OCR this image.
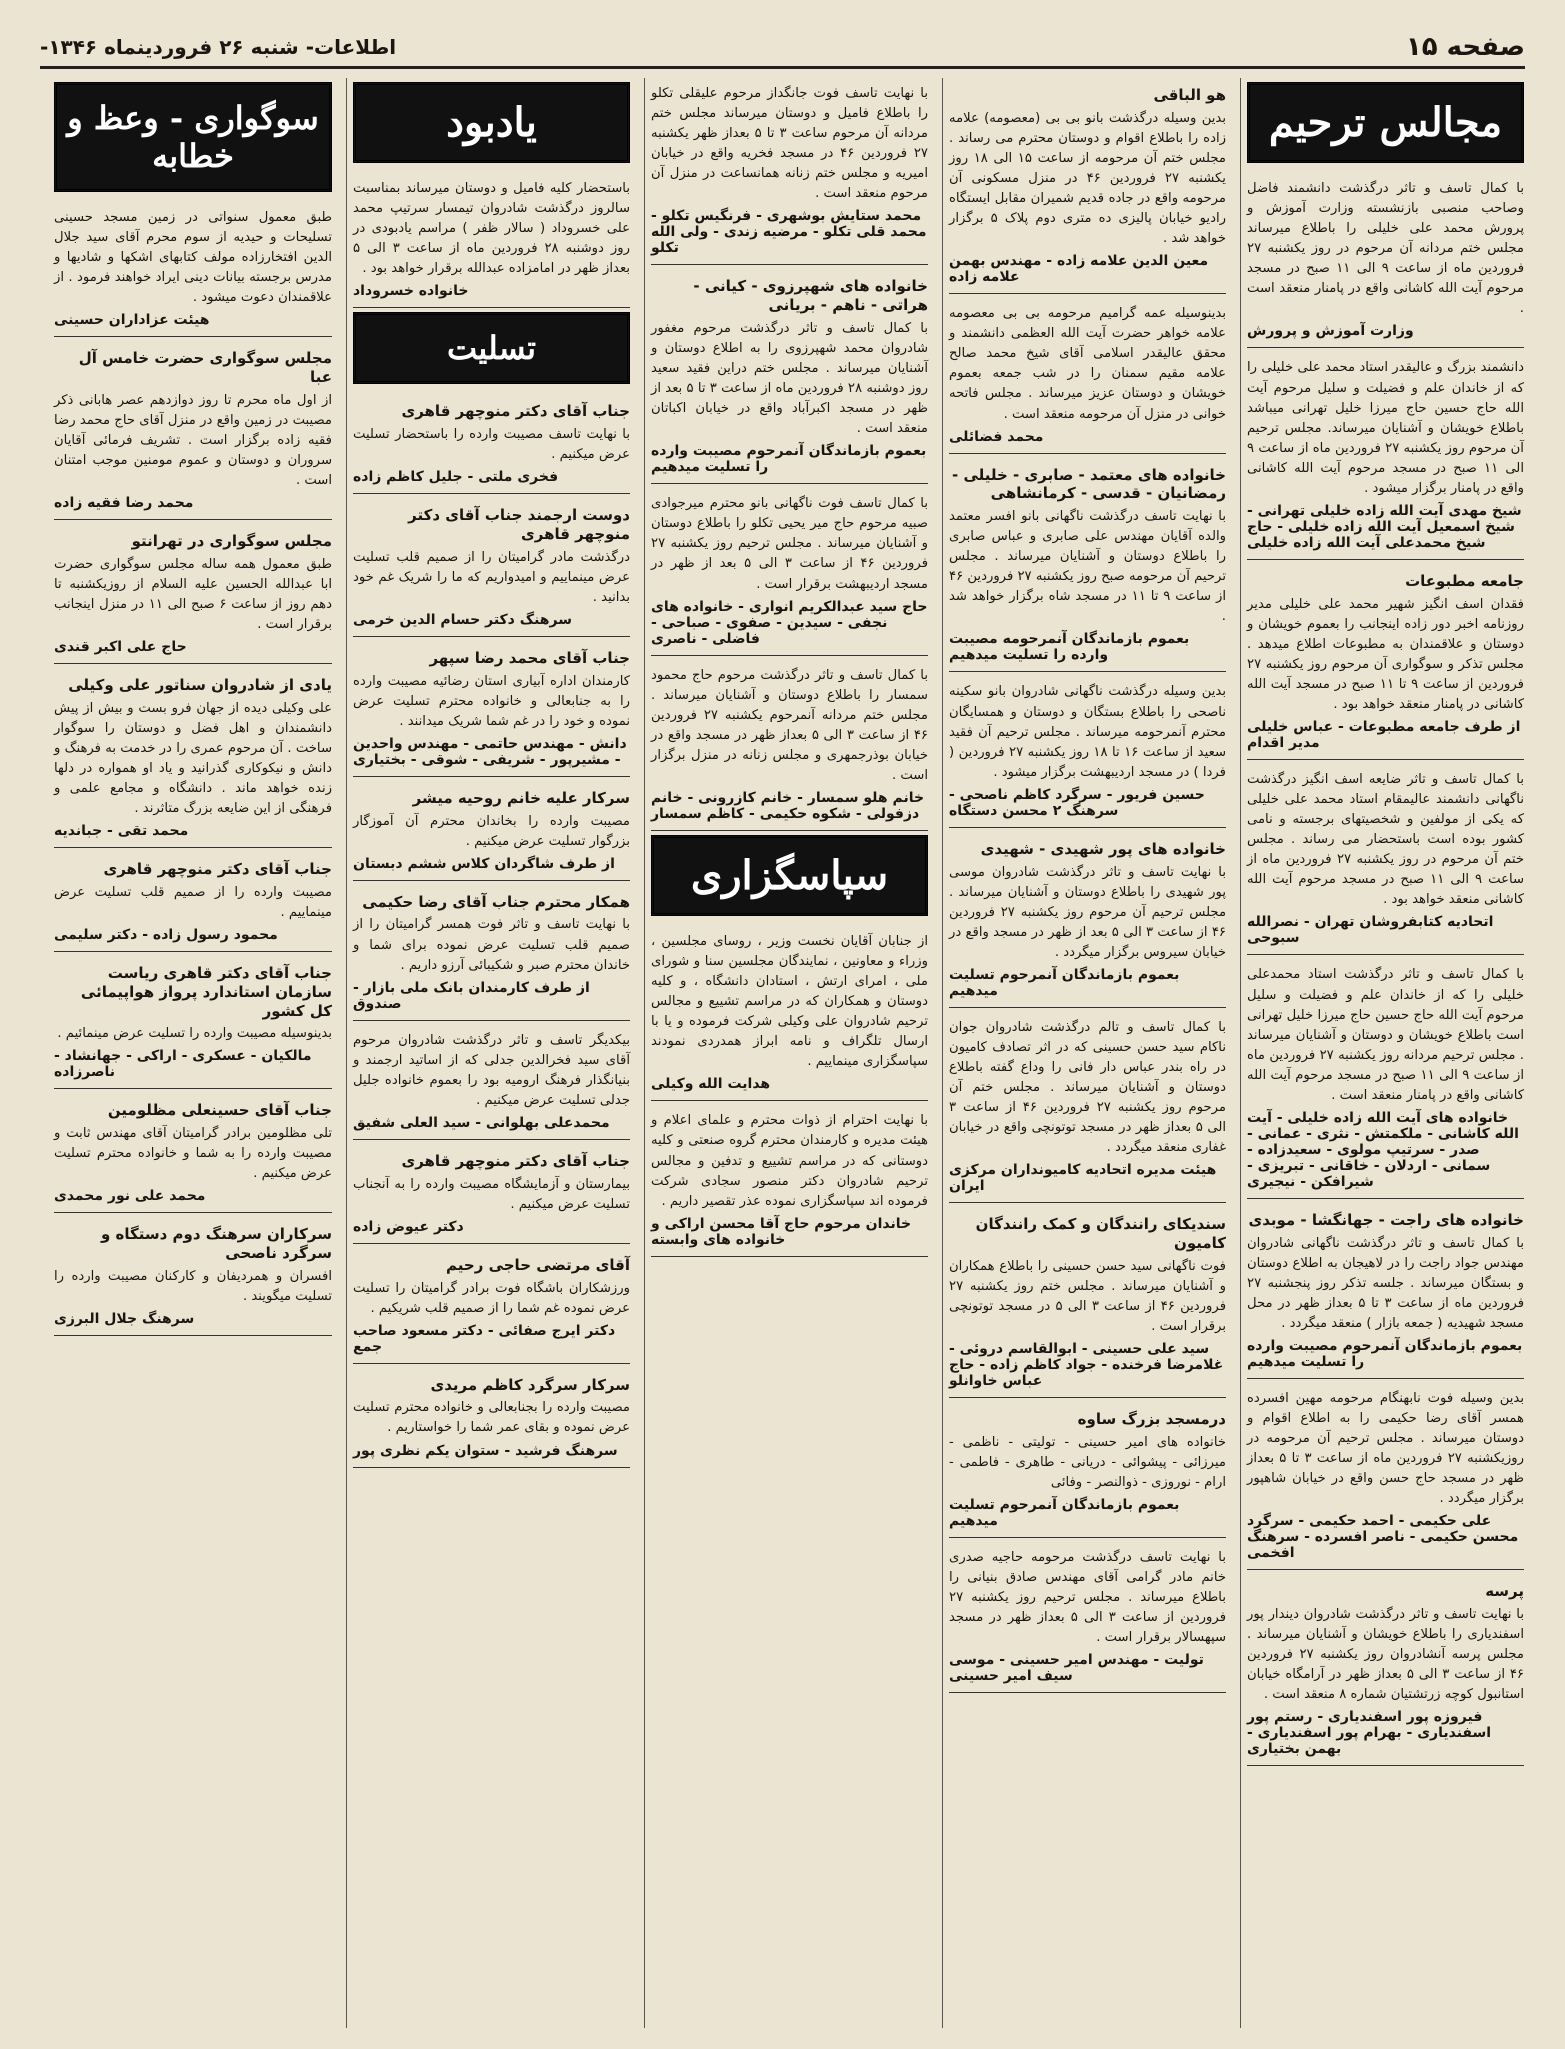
صفحه ۱۵
اطلاعات- شنبه ۲۶ فروردینماه ۱۳۴۶-
مجالس ترحیم

با کمال تاسف و تاثر درگذشت دانشمند فاضل وصاحب منصبی بازنشسته وزارت آموزش و پرورش محمد علی خلیلی را باطلاع میرساند مجلس ختم مردانه آن مرحوم در روز یکشنبه ۲۷ فروردین ماه از ساعت ۹ الی ۱۱ صبح در مسجد مرحوم آیت الله کاشانی واقع در پامنار منعقد است .

وزارت آموزش و پرورش

دانشمند بزرگ و عالیقدر استاد محمد علی خلیلی را که از خاندان علم و فضیلت و سلیل مرحوم آیت الله حاج حسین حاج میرزا خلیل تهرانی میباشد باطلاع خویشان و آشنایان میرساند. مجلس ترحیم آن مرحوم روز یکشنبه ۲۷ فروردین ماه از ساعت ۹ الی ۱۱ صبح در مسجد مرحوم آیت الله کاشانی واقع در پامنار برگزار میشود .

شیخ مهدی آیت الله زاده خلیلی تهرانی - شیخ اسمعیل آیت الله زاده خلیلی - حاج شیخ محمدعلی آیت الله زاده خلیلی
جامعه مطبوعات

فقدان اسف انگیز شهیر محمد علی خلیلی مدیر روزنامه اخبر دور زاده اینجانب را بعموم خویشان و دوستان و علاقمندان به مطبوعات اطلاع میدهد . مجلس تذکر و سوگواری آن مرحوم روز یکشنبه ۲۷ فروردین از ساعت ۹ تا ۱۱ صبح در مسجد آیت الله کاشانی در پامنار منعقد خواهد بود .

از طرف جامعه مطبوعات - عباس خلیلی مدیر اقدام

با کمال تاسف و تاثر ضایعه اسف انگیز درگذشت ناگهانی دانشمند عالیمقام استاد محمد علی خلیلی که یکی از مولفین و شخصیتهای برجسته و نامی کشور بوده است باستحضار می رساند . مجلس ختم آن مرحوم در روز یکشنبه ۲۷ فروردین ماه از ساعت ۹ الی ۱۱ صبح در مسجد مرحوم آیت الله کاشانی منعقد خواهد بود .

اتحادیه کتابفروشان تهران - نصرالله سبوحی

با کمال تاسف و تاثر درگذشت استاد محمدعلی خلیلی را که از خاندان علم و فضیلت و سلیل مرحوم آیت الله حاج حسین حاج میرزا خلیل تهرانی است باطلاع خویشان و دوستان و آشنایان میرساند . مجلس ترحیم مردانه روز یکشنبه ۲۷ فروردین ماه از ساعت ۹ الی ۱۱ صبح در مسجد مرحوم آیت الله کاشانی واقع در پامنار منعقد است .

خانواده های آیت الله زاده خلیلی - آیت الله کاشانی - ملکمتش - نثری - عمانی - صدر - سرتیپ مولوی - سعیدزاده - سمانی - اردلان - خاقانی - تبریزی - شیرافکن - نیجیری
خانواده های راجت - جهانگشا - موبدی

با کمال تاسف و تاثر درگذشت ناگهانی شادروان مهندس جواد راجت را در لاهیجان به اطلاع دوستان و بستگان میرساند . جلسه تذکر روز پنجشنبه ۲۷ فروردین ماه از ساعت ۳ تا ۵ بعداز ظهر در محل مسجد شهیدیه ( جمعه بازار ) منعقد میگردد .

بعموم بازماندگان آنمرحوم مصیبت وارده را تسلیت میدهیم

بدین وسیله فوت نابهنگام مرحومه مهین افسرده همسر آقای رضا حکیمی را به اطلاع اقوام و دوستان میرساند . مجلس ترحیم آن مرحومه در روزیکشنبه ۲۷ فروردین ماه از ساعت ۳ تا ۵ بعداز ظهر در مسجد حاج حسن واقع در خیابان شاهپور برگزار میگردد .

علی حکیمی - احمد حکیمی - سرگرد محسن حکیمی - ناصر افسرده - سرهنگ افخمی
پرسه

با نهایت تاسف و تاثر درگذشت شادروان دیندار پور اسفندیاری را باطلاع خویشان و آشنایان میرساند . مجلس پرسه آنشادروان روز یکشنبه ۲۷ فروردین ۴۶ از ساعت ۳ الی ۵ بعداز ظهر در آرامگاه خیابان استانبول کوچه زرتشتیان شماره ۸ منعقد است .

فیروزه پور اسفندیاری - رستم پور اسفندیاری - بهرام پور اسفندیاری - بهمن بختیاری
هو الباقی

بدین وسیله درگذشت بانو بی بی (معصومه) علامه زاده را باطلاع اقوام و دوستان محترم می رساند . مجلس ختم آن مرحومه از ساعت ۱۵ الی ۱۸ روز یکشنبه ۲۷ فروردین ۴۶ در منزل مسکونی آن مرحومه واقع در جاده قدیم شمیران مقابل ایستگاه رادیو خیابان پالیزی ده متری دوم پلاک ۵ برگزار خواهد شد .

معین الدین علامه زاده - مهندس بهمن علامه زاده

بدینوسیله عمه گرامیم مرحومه بی بی معصومه علامه خواهر حضرت آیت الله العظمی دانشمند و محقق عالیقدر اسلامی آقای شیخ محمد صالح علامه مقیم سمنان را در شب جمعه بعموم خویشان و دوستان عزیز میرساند . مجلس فاتحه خوانی در منزل آن مرحومه منعقد است .

محمد فضائلی
خانواده های معتمد - صابری - خلیلی - رمضانیان - قدسی - کرمانشاهی

با نهایت تاسف درگذشت ناگهانی بانو افسر معتمد والده آقایان مهندس علی صابری و عباس صابری را باطلاع دوستان و آشنایان میرساند . مجلس ترحیم آن مرحومه صبح روز یکشنبه ۲۷ فروردین ۴۶ از ساعت ۹ تا ۱۱ در مسجد شاه برگزار خواهد شد .

بعموم بازماندگان آنمرحومه مصیبت وارده را تسلیت میدهیم

بدین وسیله درگذشت ناگهانی شادروان بانو سکینه ناصحی را باطلاع بستگان و دوستان و همسایگان محترم آنمرحومه میرساند . مجلس ترحیم آن فقید سعید از ساعت ۱۶ تا ۱۸ روز یکشنبه ۲۷ فروردین ( فردا ) در مسجد اردیبهشت برگزار میشود .

حسین فریور - سرگرد کاظم ناصحی - سرهنگ ۲ محسن دستگاه
خانواده های پور شهیدی - شهیدی

با نهایت تاسف و تاثر درگذشت شادروان موسی پور شهیدی را باطلاع دوستان و آشنایان میرساند . مجلس ترحیم آن مرحوم روز یکشنبه ۲۷ فروردین ۴۶ از ساعت ۳ الی ۵ بعد از ظهر در مسجد واقع در خیابان سیروس برگزار میگردد .

بعموم بازماندگان آنمرحوم تسلیت میدهیم

با کمال تاسف و تالم درگذشت شادروان جوان ناکام سید حسن حسینی که در اثر تصادف کامیون در راه بندر عباس دار فانی را وداع گفته باطلاع دوستان و آشنایان میرساند . مجلس ختم آن مرحوم روز یکشنبه ۲۷ فروردین ۴۶ از ساعت ۳ الی ۵ بعداز ظهر در مسجد توتونچی واقع در خیابان غفاری منعقد میگردد .

هیئت مدیره اتحادیه کامیونداران مرکزی ایران
سندیکای رانندگان و کمک رانندگان کامیون

فوت ناگهانی سید حسن حسینی را باطلاع همکاران و آشنایان میرساند . مجلس ختم روز یکشنبه ۲۷ فروردین ۴۶ از ساعت ۳ الی ۵ در مسجد توتونچی برقرار است .

سید علی حسینی - ابوالقاسم دروئی - غلامرضا فرخنده - جواد کاظم زاده - حاج عباس خاوانلو
درمسجد بزرگ ساوه

خانواده های امیر حسینی - تولیتی - ناظمی - میرزائی - پیشوائی - دریانی - طاهری - فاطمی - ارام - نوروزی - ذوالنصر - وفائی

بعموم بازماندگان آنمرحوم تسلیت میدهیم

با نهایت تاسف درگذشت مرحومه حاجیه صدری خانم مادر گرامی آقای مهندس صادق بنیانی را باطلاع میرساند . مجلس ترحیم روز یکشنبه ۲۷ فروردین از ساعت ۳ الی ۵ بعداز ظهر در مسجد سپهسالار برقرار است .

تولیت - مهندس امیر حسینی - موسی سیف امیر حسینی

با نهایت تاسف فوت جانگداز مرحوم علیقلی تکلو را باطلاع فامیل و دوستان میرساند مجلس ختم مردانه آن مرحوم ساعت ۳ تا ۵ بعداز ظهر یکشنبه ۲۷ فروردین ۴۶ در مسجد فخریه واقع در خیابان امیریه و مجلس ختم زنانه همانساعت در منزل آن مرحوم منعقد است .

محمد ستایش بوشهری - فرنگیس تکلو - محمد قلی تکلو - مرضیه زندی - ولی الله تکلو
خانواده های شهپرزوی - کیانی - هراتی - ناهم - بریانی

با کمال تاسف و تاثر درگذشت مرحوم مغفور شادروان محمد شهپرزوی را به اطلاع دوستان و آشنایان میرساند . مجلس ختم دراین فقید سعید روز دوشنبه ۲۸ فروردین ماه از ساعت ۳ تا ۵ بعد از ظهر در مسجد اکبرآباد واقع در خیابان اکباتان منعقد است .

بعموم بازماندگان آنمرحوم مصیبت وارده را تسلیت میدهیم

با کمال تاسف فوت ناگهانی بانو محترم میرجوادی صبیه مرحوم حاج میر یحیی تکلو را باطلاع دوستان و آشنایان میرساند . مجلس ترحیم روز یکشنبه ۲۷ فروردین ۴۶ از ساعت ۳ الی ۵ بعد از ظهر در مسجد اردیبهشت برقرار است .

حاج سید عبدالکریم انواری - خانواده های نجفی - سیدین - صفوی - صباحی - فاضلی - ناصری

با کمال تاسف و تاثر درگذشت مرحوم حاج محمود سمسار را باطلاع دوستان و آشنایان میرساند . مجلس ختم مردانه آنمرحوم یکشنبه ۲۷ فروردین ۴۶ از ساعت ۳ الی ۵ بعداز ظهر در مسجد واقع در خیابان بوذرجمهری و مجلس زنانه در منزل برگزار است .

خانم هلو سمسار - خانم کازرونی - خانم دزفولی - شکوه حکیمی - کاظم سمسار
سپاسگزاری

از جنابان آقایان نخست وزیر ، روسای مجلسین ، وزراء و معاونین ، نمایندگان مجلسین سنا و شورای ملی ، امرای ارتش ، استادان دانشگاه ، و کلیه دوستان و همکاران که در مراسم تشییع و مجالس ترحیم شادروان علی وکیلی شرکت فرموده و یا با ارسال تلگراف و نامه ابراز همدردی نمودند سپاسگزاری مینماییم .

هدایت الله وکیلی

با نهایت احترام از ذوات محترم و علمای اعلام و هیئت مدیره و کارمندان محترم گروه صنعتی و کلیه دوستانی که در مراسم تشییع و تدفین و مجالس ترحیم شادروان دکتر منصور سجادی شرکت فرموده اند سپاسگزاری نموده عذر تقصیر داریم .

خاندان مرحوم حاج آقا محسن اراکی و خانواده های وابسته
یادبود

باستحضار کلیه فامیل و دوستان میرساند بمناسبت سالروز درگذشت شادروان تیمسار سرتیپ محمد علی خسروداد ( سالار ظفر ) مراسم یادبودی در روز دوشنبه ۲۸ فروردین ماه از ساعت ۳ الی ۵ بعداز ظهر در امامزاده عبدالله برقرار خواهد بود .

خانواده خسروداد
تسلیت
جناب آقای دکتر منوچهر قاهری

با نهایت تاسف مصیبت وارده را باستحضار تسلیت عرض میکنیم .

فخری ملتی - جلیل کاظم زاده
دوست ارجمند جناب آقای دکتر منوچهر قاهری

درگذشت مادر گرامیتان را از صمیم قلب تسلیت عرض مینماییم و امیدواریم که ما را شریک غم خود بدانید .

سرهنگ دکتر حسام الدین خرمی
جناب آقای محمد رضا سپهر

کارمندان اداره آبیاری استان رضائیه مصیبت وارده را به جنابعالی و خانواده محترم تسلیت عرض نموده و خود را در غم شما شریک میدانند .

دانش - مهندس حاتمی - مهندس واحدین - مشیرپور - شریفی - شوقی - بختیاری
سرکار علیه خانم روحیه میشر

مصیبت وارده را بخاندان محترم آن آموزگار بزرگوار تسلیت عرض میکنیم .

از طرف شاگردان کلاس ششم دبستان
همکار محترم جناب آقای رضا حکیمی

با نهایت تاسف و تاثر فوت همسر گرامیتان را از صمیم قلب تسلیت عرض نموده برای شما و خاندان محترم صبر و شکیبائی آرزو داریم .

از طرف کارمندان بانک ملی بازار - صندوق

بیکدیگر تاسف و تاثر درگذشت شادروان مرحوم آقای سید فخرالدین جدلی که از اساتید ارجمند و بنیانگذار فرهنگ ارومیه بود را بعموم خانواده جلیل جدلی تسلیت عرض میکنیم .

محمدعلی بهلوانی - سید العلی شفیق
جناب آقای دکتر منوچهر قاهری

بیمارستان و آزمایشگاه مصیبت وارده را به آنجناب تسلیت عرض میکنیم .

دکتر عیوض زاده
آقای مرتضی حاجی رحیم

ورزشکاران باشگاه فوت برادر گرامیتان را تسلیت عرض نموده غم شما را از صمیم قلب شریکیم .

دکتر ایرج صفائی - دکتر مسعود صاحب جمع
سرکار سرگرد کاظم مریدی

مصیبت وارده را بجنابعالی و خانواده محترم تسلیت عرض نموده و بقای عمر شما را خواستاریم .

سرهنگ فرشید - ستوان یکم نظری پور
سوگواری - وعظ و خطابه

طبق معمول سنواتی در زمین مسجد حسینی تسلیحات و حیدیه از سوم محرم آقای سید جلال الدین افتخارزاده مولف کتابهای اشکها و شادیها و مدرس برجسته بیانات دینی ایراد خواهند فرمود . از علاقمندان دعوت میشود .

هیئت عزاداران حسینی
مجلس سوگواری حضرت خامس آل عبا

از اول ماه محرم تا روز دوازدهم عصر هابانی ذکر مصیبت در زمین واقع در منزل آقای حاج محمد رضا فقیه زاده برگزار است . تشریف فرمائی آقایان سروران و دوستان و عموم مومنین موجب امتنان است .

محمد رضا فقیه زاده
مجلس سوگواری در تهرانتو

طبق معمول همه ساله مجلس سوگواری حضرت ابا عبدالله الحسین علیه السلام از روزیکشنبه تا دهم روز از ساعت ۶ صبح الی ۱۱ در منزل اینجانب برقرار است .

حاج علی اکبر قندی
یادی از شادروان سناتور علی وکیلی

علی وکیلی دیده از جهان فرو بست و بیش از پیش دانشمندان و اهل فضل و دوستان را سوگوار ساخت . آن مرحوم عمری را در خدمت به فرهنگ و دانش و نیکوکاری گذرانید و یاد او همواره در دلها زنده خواهد ماند . دانشگاه و مجامع علمی و فرهنگی از این ضایعه بزرگ متاثرند .

محمد تقی - جبانديه
جناب آقای دکتر منوچهر قاهری

مصیبت وارده را از صمیم قلب تسلیت عرض مینماییم .

محمود رسول زاده - دکتر سلیمی
جناب آقای دکتر قاهری ریاست سازمان استاندارد پرواز هواپیمائی کل کشور

بدینوسیله مصیبت وارده را تسلیت عرض مینمائیم .

مالکیان - عسکری - اراکی - جهانشاد - ناصرزاده
جناب آقای حسینعلی مظلومین

تلی مظلومین برادر گرامیتان آقای مهندس ثابت و مصیبت وارده را به شما و خانواده محترم تسلیت عرض میکنیم .

محمد علی نور محمدی
سرکاران سرهنگ دوم دستگاه و سرگرد ناصحی

افسران و همردیفان و کارکنان مصیبت وارده را تسلیت میگویند .

سرهنگ جلال البرزی
